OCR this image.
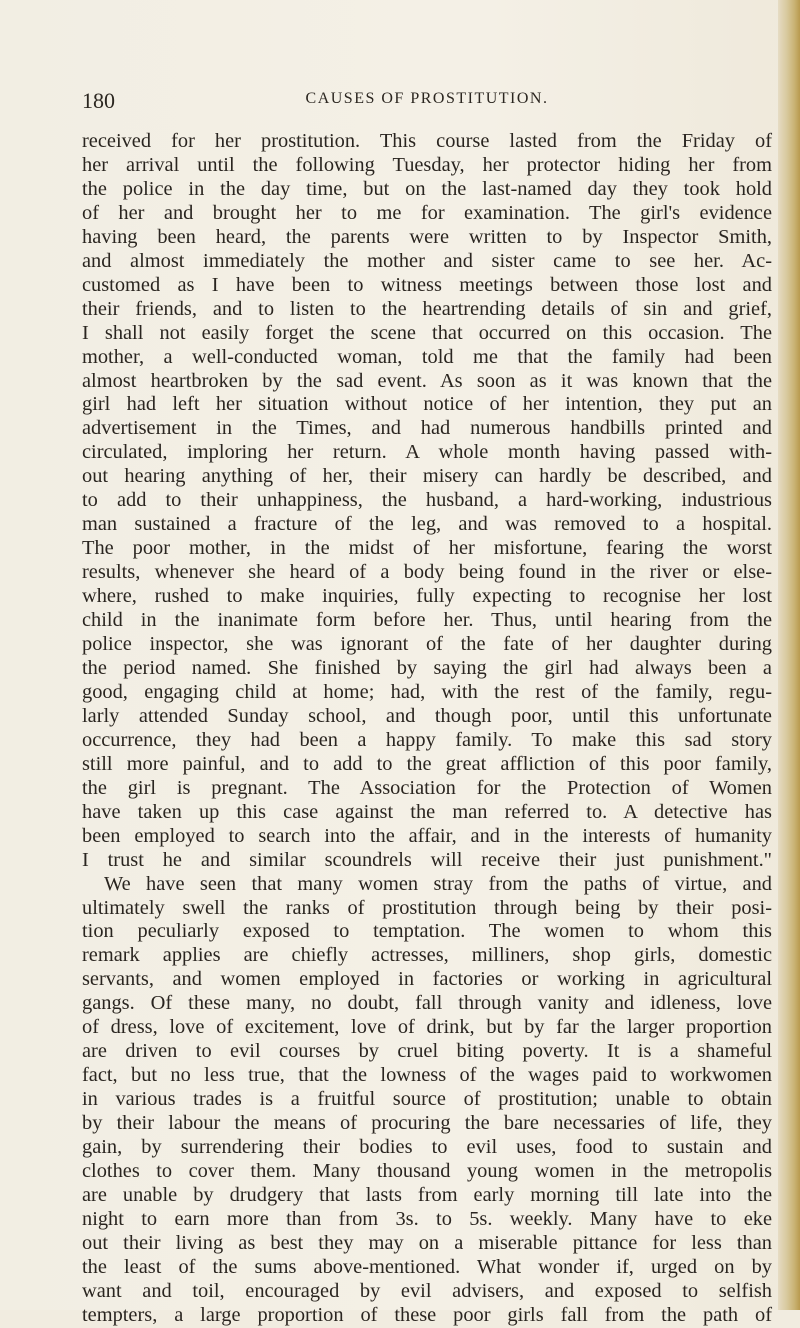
180	CAUSES OF PROSTITUTION.
received for her prostitution. This course lasted from the Friday of
her arrival until the following Tuesday, her protector hiding her from
the police in the day time, but on the last-named day they took hold
of her and brought her to me for examination. The girl's evidence
having been heard, the parents were written to by Inspector Smith,
and almost immediately the mother and sister came to see her. Ac-
customed as I have been to witness meetings between those lost and
their friends, and to listen to the heartrending details of sin and grief,
I shall not easily forget the scene that occurred on this occasion. The
mother, a well-conducted woman, told me that the family had been
almost heartbroken by the sad event. As soon as it was known that the
girl had left her situation without notice of her intention, they put an
advertisement in the Times, and had numerous handbills printed and
circulated, imploring her return. A whole month having passed with-
out hearing anything of her, their misery can hardly be described, and
to add to their unhappiness, the husband, a hard-working, industrious
man sustained a fracture of the leg, and was removed to a hospital.
The poor mother, in the midst of her misfortune, fearing the worst
results, whenever she heard of a body being found in the river or else-
where, rushed to make inquiries, fully expecting to recognise her lost
child in the inanimate form before her. Thus, until hearing from the
police inspector, she was ignorant of the fate of her daughter during
the period named. She finished by saying the girl had always been a
good, engaging child at home; had, with the rest of the family, regu-
larly attended Sunday school, and though poor, until this unfortunate
occurrence, they had been a happy family. To make this sad story
still more painful, and to add to the great affliction of this poor family,
the girl is pregnant. The Association for the Protection of Women
have taken up this case against the man referred to. A detective has
been employed to search into the affair, and in the interests of humanity
I trust he and similar scoundrels will receive their just punishment."
We have seen that many women stray from the paths of virtue, and
ultimately swell the ranks of prostitution through being by their posi-
tion peculiarly exposed to temptation. The women to whom this
remark applies are chiefly actresses, milliners, shop girls, domestic
servants, and women employed in factories or working in agricultural
gangs. Of these many, no doubt, fall through vanity and idleness, love
of dress, love of excitement, love of drink, but by far the larger proportion
are driven to evil courses by cruel biting poverty. It is a shameful
fact, but no less true, that the lowness of the wages paid to workwomen
in various trades is a fruitful source of prostitution; unable to obtain
by their labour the means of procuring the bare necessaries of life, they
gain, by surrendering their bodies to evil uses, food to sustain and
clothes to cover them. Many thousand young women in the metropolis
are unable by drudgery that lasts from early morning till late into the
night to earn more than from 3s. to 5s. weekly. Many have to eke
out their living as best they may on a miserable pittance for less than
the least of the sums above-mentioned. What wonder if, urged on by
want and toil, encouraged by evil advisers, and exposed to selfish
tempters, a large proportion of these poor girls fall from the path of
